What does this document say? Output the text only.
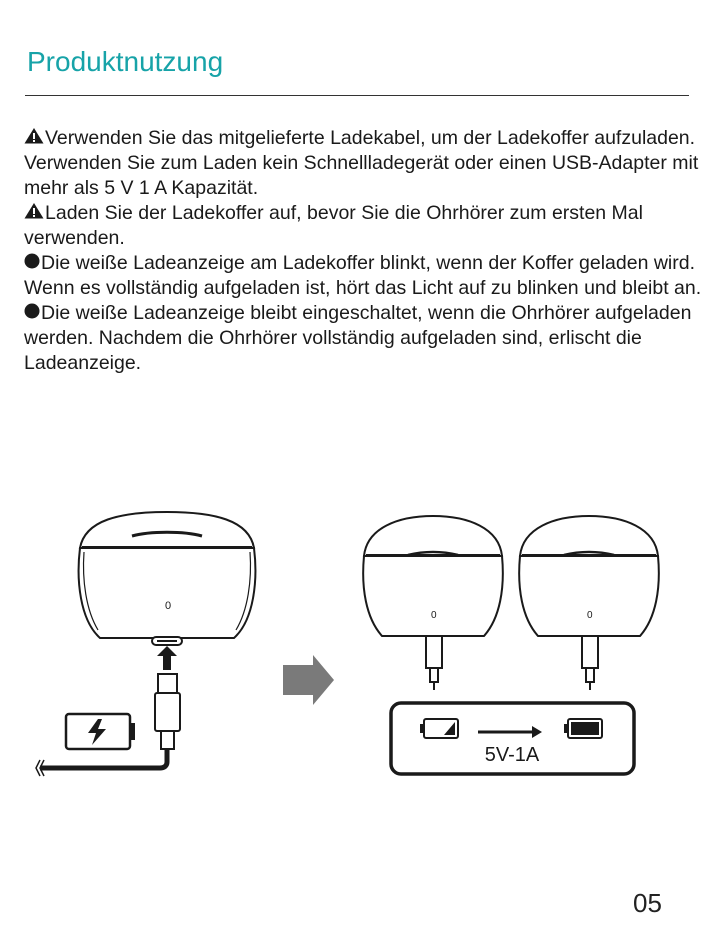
Produktnutzung

Verwenden Sie das mitgelieferte Ladekabel, um der Ladekoffer aufzuladen. Verwenden Sie zum Laden kein Schnellladegerät oder einen USB-Adapter mit mehr als 5 V 1 A Kapazität.

Laden Sie der Ladekoffer auf, bevor Sie die Ohrhörer zum ersten Mal verwenden.

Die weiße Ladeanzeige am Ladekoffer blinkt, wenn der Koffer geladen wird. Wenn es vollständig aufgeladen ist, hört das Licht auf zu blinken und bleibt an.

Die weiße Ladeanzeige bleibt eingeschaltet, wenn die Ohrhörer aufgeladen werden. Nachdem die Ohrhörer vollständig aufgeladen sind, erlischt die Ladeanzeige.

0
0	0
5V-1A
05
